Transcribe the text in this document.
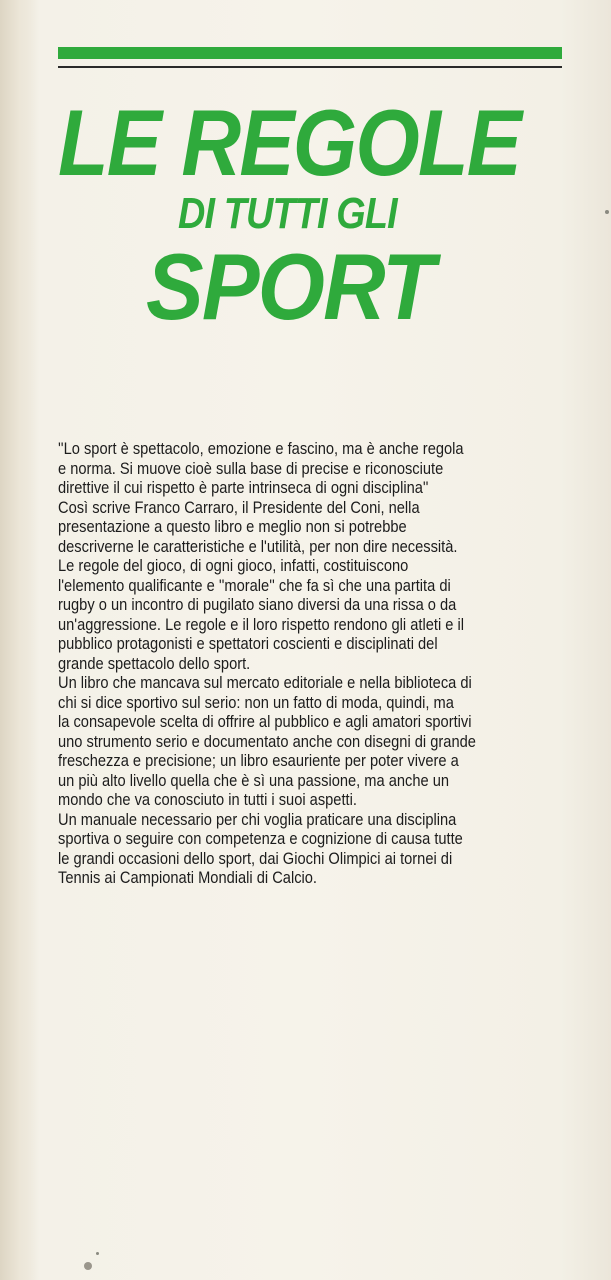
LE REGOLE
DI TUTTI GLI
SPORT
''Lo sport è spettacolo, emozione e fascino, ma è anche regola
e norma. Si muove cioè sulla base di precise e riconosciute
direttive il cui rispetto è parte intrinseca di ogni disciplina''
Così scrive Franco Carraro, il Presidente del Coni, nella
presentazione a questo libro e meglio non si potrebbe
descriverne le caratteristiche e l'utilità, per non dire necessità.
Le regole del gioco, di ogni gioco, infatti, costituiscono
l'elemento qualificante e ''morale'' che fa sì che una partita di
rugby o un incontro di pugilato siano diversi da una rissa o da
un'aggressione. Le regole e il loro rispetto rendono gli atleti e il
pubblico protagonisti e spettatori coscienti e disciplinati del
grande spettacolo dello sport.
Un libro che mancava sul mercato editoriale e nella biblioteca di
chi si dice sportivo sul serio: non un fatto di moda, quindi, ma
la consapevole scelta di offrire al pubblico e agli amatori sportivi
uno strumento serio e documentato anche con disegni di grande
freschezza e precisione; un libro esauriente per poter vivere a
un più alto livello quella che è sì una passione, ma anche un
mondo che va conosciuto in tutti i suoi aspetti.
Un manuale necessario per chi voglia praticare una disciplina
sportiva o seguire con competenza e cognizione di causa tutte
le grandi occasioni dello sport, dai Giochi Olimpici ai tornei di
Tennis ai Campionati Mondiali di Calcio.
